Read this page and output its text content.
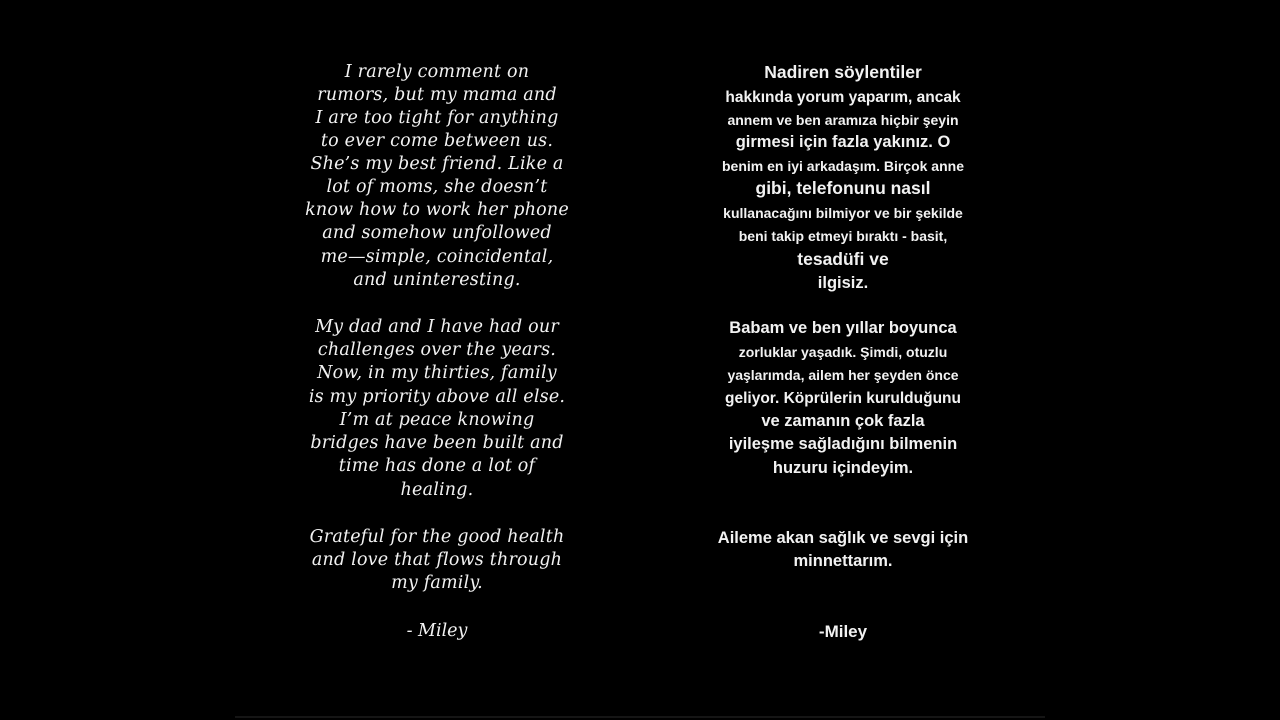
I rarely comment on
rumors, but my mama and
I are too tight for anything
to ever come between us.
She’s my best friend. Like a
lot of moms, she doesn’t
know how to work her phone
and somehow unfollowed
me—simple, coincidental,
and uninteresting.
My dad and I have had our
challenges over the years.
Now, in my thirties, family
is my priority above all else.
I’m at peace knowing
bridges have been built and
time has done a lot of
healing.
Grateful for the good health
and love that flows through
my family.
- Miley
Nadiren söylentiler
hakkında yorum yaparım, ancak
annem ve ben aramıza hiçbir şeyin
girmesi için fazla yakınız. O
benim en iyi arkadaşım. Birçok anne
gibi, telefonunu nasıl
kullanacağını bilmiyor ve bir şekilde
beni takip etmeyi bıraktı - basit,
tesadüfi ve
ilgisiz.
Babam ve ben yıllar boyunca
zorluklar yaşadık. Şimdi, otuzlu
yaşlarımda, ailem her şeyden önce
geliyor. Köprülerin kurulduğunu
ve zamanın çok fazla
iyileşme sağladığını bilmenin
huzuru içindeyim.
Aileme akan sağlık ve sevgi için
minnettarım.
-Miley
